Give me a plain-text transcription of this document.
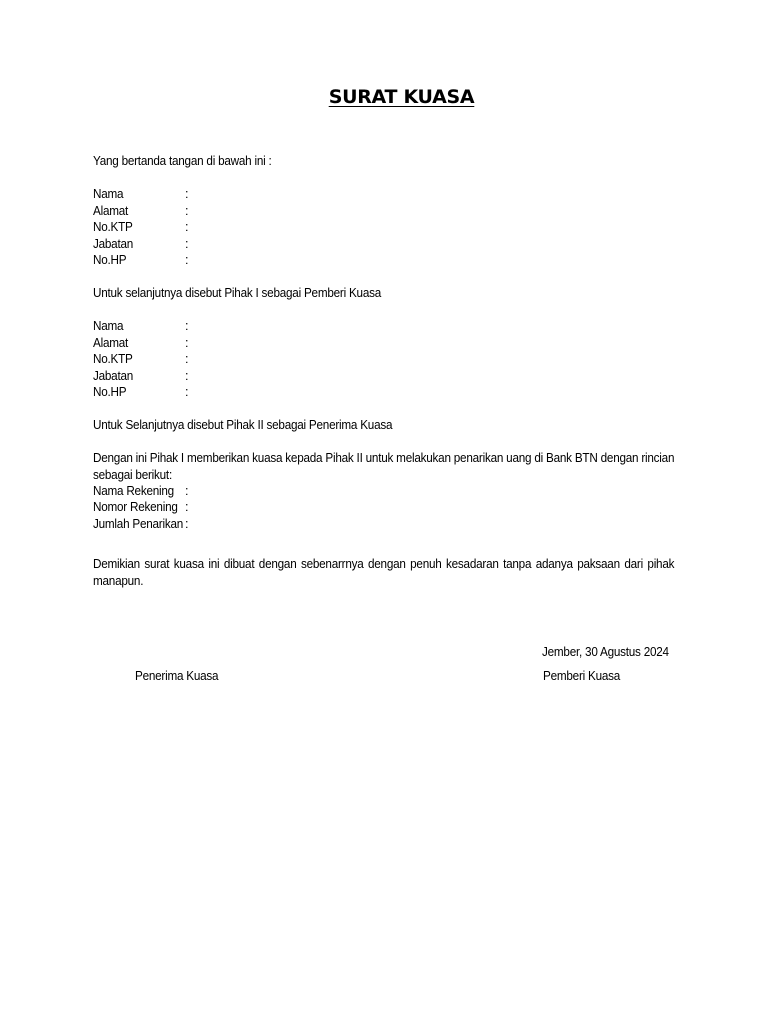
SURAT KUASA
Yang bertanda tangan di bawah ini :
Nama	:
Alamat	:
No.KTP	:
Jabatan	:
No.HP	:
Untuk selanjutnya disebut Pihak I sebagai Pemberi Kuasa
Nama	:
Alamat	:
No.KTP	:
Jabatan	:
No.HP	:
Untuk Selanjutnya disebut Pihak II sebagai Penerima Kuasa
Dengan ini Pihak I memberikan kuasa kepada Pihak II untuk melakukan penarikan uang di Bank BTN dengan rincian sebagai berikut:
Nama Rekening :
Nomor Rekening :
Jumlah Penarikan :
Demikian surat kuasa ini dibuat dengan sebenarrnya dengan penuh kesadaran tanpa adanya paksaan dari pihak manapun.
Jember, 30 Agustus 2024
Penerima Kuasa	Pemberi Kuasa
